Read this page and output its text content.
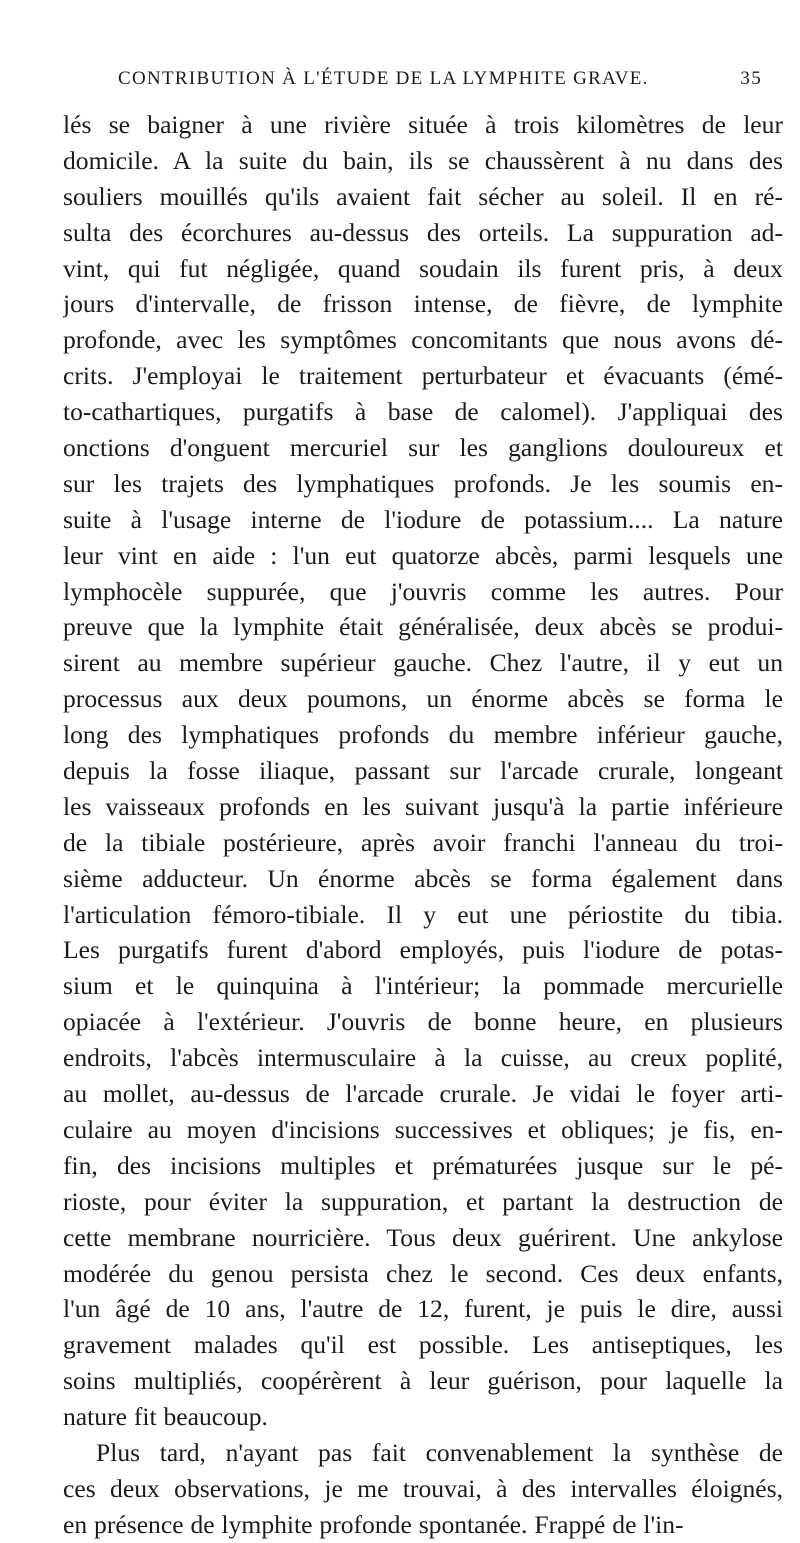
CONTRIBUTION À L'ÉTUDE DE LA LYMPHITE GRAVE.	35
lés se baigner à une rivière située à trois kilomètres de leur
domicile. A la suite du bain, ils se chaussèrent à nu dans des
souliers mouillés qu'ils avaient fait sécher au soleil. Il en ré-
sulta des écorchures au-dessus des orteils. La suppuration ad-
vint, qui fut négligée, quand soudain ils furent pris, à deux
jours d'intervalle, de frisson intense, de fièvre, de lymphite
profonde, avec les symptômes concomitants que nous avons dé-
crits. J'employai le traitement perturbateur et évacuants (émé-
to-cathartiques, purgatifs à base de calomel). J'appliquai des
onctions d'onguent mercuriel sur les ganglions douloureux et
sur les trajets des lymphatiques profonds. Je les soumis en-
suite à l'usage interne de l'iodure de potassium.... La nature
leur vint en aide : l'un eut quatorze abcès, parmi lesquels une
lymphocèle suppurée, que j'ouvris comme les autres. Pour
preuve que la lymphite était généralisée, deux abcès se produi-
sirent au membre supérieur gauche. Chez l'autre, il y eut un
processus aux deux poumons, un énorme abcès se forma le
long des lymphatiques profonds du membre inférieur gauche,
depuis la fosse iliaque, passant sur l'arcade crurale, longeant
les vaisseaux profonds en les suivant jusqu'à la partie inférieure
de la tibiale postérieure, après avoir franchi l'anneau du troi-
sième adducteur. Un énorme abcès se forma également dans
l'articulation fémoro-tibiale. Il y eut une périostite du tibia.
Les purgatifs furent d'abord employés, puis l'iodure de potas-
sium et le quinquina à l'intérieur; la pommade mercurielle
opiacée à l'extérieur. J'ouvris de bonne heure, en plusieurs
endroits, l'abcès intermusculaire à la cuisse, au creux poplité,
au mollet, au-dessus de l'arcade crurale. Je vidai le foyer arti-
culaire au moyen d'incisions successives et obliques; je fis, en-
fin, des incisions multiples et prématurées jusque sur le pé-
rioste, pour éviter la suppuration, et partant la destruction de
cette membrane nourricière. Tous deux guérirent. Une ankylose
modérée du genou persista chez le second. Ces deux enfants,
l'un âgé de 10 ans, l'autre de 12, furent, je puis le dire, aussi
gravement malades qu'il est possible. Les antiseptiques, les
soins multipliés, coopérèrent à leur guérison, pour laquelle la
nature fit beaucoup.
Plus tard, n'ayant pas fait convenablement la synthèse de
ces deux observations, je me trouvai, à des intervalles éloignés,
en présence de lymphite profonde spontanée. Frappé de l'in-
